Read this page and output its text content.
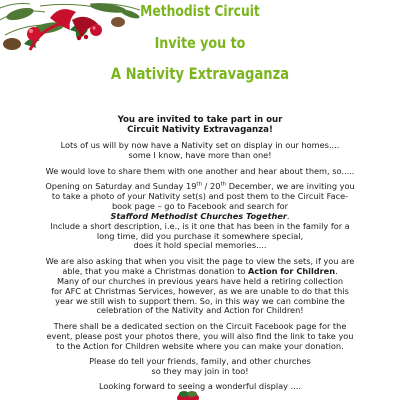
Methodist Circuit
Invite you to
A Nativity Extravaganza
You are invited to take part in our
Circuit Nativity Extravaganza!
Lots of us will by now have a Nativity set on display in our homes....
some I know, have more than one!
We would love to share them with one another and hear about them, so.....
Opening on Saturday and Sunday 19th / 20th December, we are inviting you
to take a photo of your Nativity set(s) and post them to the Circuit Face-
book page – go to Facebook and search for
Stafford Methodist Churches Together.
Include a short description, i.e., is it one that has been in the family for a
long time, did you purchase it somewhere special,
does it hold special memories....
We are also asking that when you visit the page to view the sets, if you are
able, that you make a Christmas donation to Action for Children.
Many of our churches in previous years have held a retiring collection
for AFC at Christmas Services, however, as we are unable to do that this
year we still wish to support them. So, in this way we can combine the
celebration of the Nativity and Action for Children!
There shall be a dedicated section on the Circuit Facebook page for the
event, please post your photos there, you will also find the link to take you
to the Action for Children website where you can make your donation.
Please do tell your friends, family, and other churches
so they may join in too!
Looking forward to seeing a wonderful display ....
